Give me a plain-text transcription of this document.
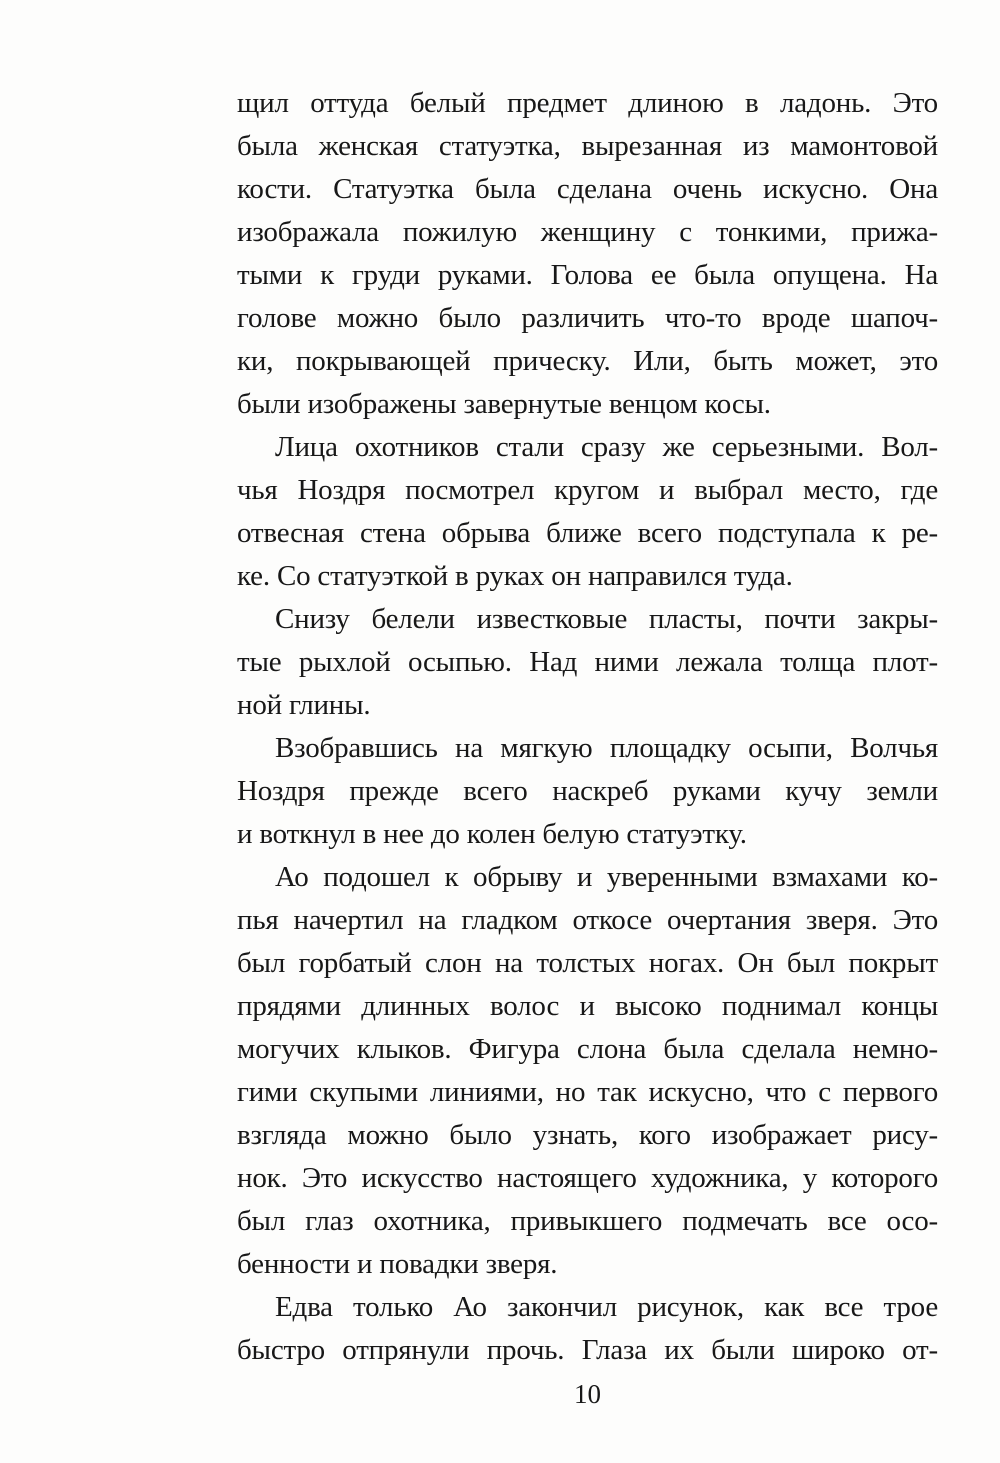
щил оттуда белый предмет длиною в ладонь. Это
была женская статуэтка, вырезанная из мамонтовой
кости. Статуэтка была сделана очень искусно. Она
изображала пожилую женщину с тонкими, прижа-
тыми к груди руками. Голова ее была опущена. На
голове можно было различить что-то вроде шапоч-
ки, покрывающей прическу. Или, быть может, это
были изображены завернутые венцом косы.
Лица охотников стали сразу же серьезными. Вол-
чья Ноздря посмотрел кругом и выбрал место, где
отвесная стена обрыва ближе всего подступала к ре-
ке. Со статуэткой в руках он направился туда.
Снизу белели известковые пласты, почти закры-
тые рыхлой осыпью. Над ними лежала толща плот-
ной глины.
Взобравшись на мягкую площадку осыпи, Волчья
Ноздря прежде всего наскреб руками кучу земли
и воткнул в нее до колен белую статуэтку.
Ао подошел к обрыву и уверенными взмахами ко-
пья начертил на гладком откосе очертания зверя. Это
был горбатый слон на толстых ногах. Он был покрыт
прядями длинных волос и высоко поднимал концы
могучих клыков. Фигура слона была сделала немно-
гими скупыми линиями, но так искусно, что с первого
взгляда можно было узнать, кого изображает рису-
нок. Это искусство настоящего художника, у которого
был глаз охотника, привыкшего подмечать все осо-
бенности и повадки зверя.
Едва только Ао закончил рисунок, как все трое
быстро отпрянули прочь. Глаза их были широко от-
10
